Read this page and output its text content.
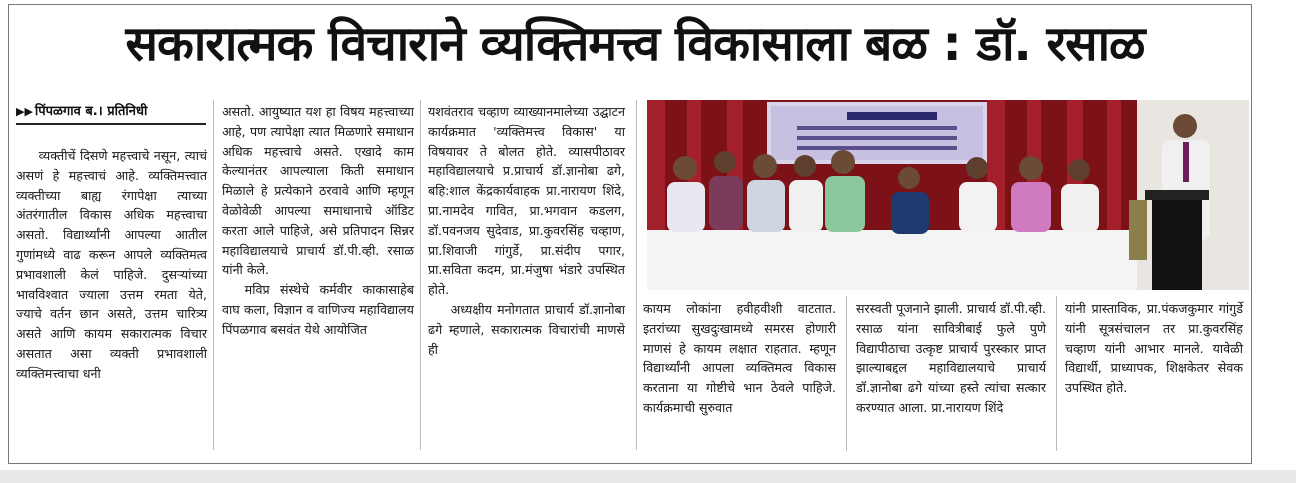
सकारात्मक विचाराने व्यक्तिमत्त्व विकासाला बळ : डॉ. रसाळ
▶▶ पिंपळगाव ब.। प्रतिनिधी

व्यक्तीचें दिसणे महत्त्वाचे नसून, त्याचं असणं हे महत्त्वाचं आहे. व्यक्तिमत्त्वात व्यक्तीच्या बाह्य रंगापेक्षा त्याच्या अंतरंगातील विकास अधिक महत्त्वाचा असतो. विद्यार्थ्यांनी आपल्या आतील गुणांमध्ये वाढ करून आपले व्यक्तिमत्व प्रभावशाली केलं पाहिजे. दुसऱ्यांच्या भावविश्वात ज्याला उत्तम रमता येते, ज्याचे वर्तन छान असते, उत्तम चारित्र्य असते आणि कायम सकारात्मक विचार असतात असा व्यक्ती प्रभावशाली व्यक्तिमत्त्वाचा धनी

असतो. आयुष्यात यश हा विषय महत्त्वाच्या आहे, पण त्यापेक्षा त्यात मिळणारे समाधान अधिक महत्त्वाचे असते. एखादे काम केल्यानंतर आपल्याला किती समाधान मिळाले हे प्रत्येकाने ठरवावे आणि म्हणून वेळोवेळी आपल्या समाधानाचे ऑडिट करता आले पाहिजे, असे प्रतिपादन सिन्नर महाविद्यालयाचे प्राचार्य डॉ.पी.व्ही. रसाळ यांनी केले.

मविप्र संस्थेचे कर्मवीर काकासाहेब वाघ कला, विज्ञान व वाणिज्य महाविद्यालय पिंपळगाव बसवंत येथे आयोजित

यशवंतराव चव्हाण व्याख्यानमालेच्या उद्घाटन कार्यक्रमात 'व्यक्तिमत्त्व विकास' या विषयावर ते बोलत होते. व्यासपीठावर महाविद्यालयाचे प्र.प्राचार्य डॉ.ज्ञानोबा ढगे, बहि:शाल केंद्रकार्यवाहक प्रा.नारायण शिंदे, प्रा.नामदेव गावित, प्रा.भगवान कडलग, डॉ.पवनजय सुदेवाड, प्रा.कुवरसिंह चव्हाण, प्रा.शिवाजी गांगुर्डे, प्रा.संदीप पगार, प्रा.सविता कदम, प्रा.मंजुषा भंडारे उपस्थित होते.

अध्यक्षीय मनोगतात प्राचार्य डॉ.ज्ञानोबा ढगे म्हणाले, सकारात्मक विचारांची माणसे ही

कायम लोकांना हवीहवीशी वाटतात. इतरांच्या सुखदुःखामध्ये समरस होणारी माणसं हे कायम लक्षात राहतात. म्हणून विद्यार्थ्यांनी आपला व्यक्तिमत्व विकास करताना या गोष्टीचे भान ठेवले पाहिजे. कार्यक्रमाची सुरुवात

सरस्वती पूजनाने झाली. प्राचार्य डॉ.पी.व्ही. रसाळ यांना सावित्रीबाई फुले पुणे विद्यापीठाचा उत्कृष्ट प्राचार्य पुरस्कार प्राप्त झाल्याबद्दल महाविद्यालयाचे प्राचार्य डॉ.ज्ञानोबा ढगे यांच्या हस्ते त्यांचा सत्कार करण्यात आला. प्रा.नारायण शिंदे

यांनी प्रास्ताविक, प्रा.पंकजकुमार गांगुर्डे यांनी सूत्रसंचालन तर प्रा.कुवरसिंह चव्हाण यांनी आभार मानले. यावेळी विद्यार्थी, प्राध्यापक, शिक्षकेतर सेवक उपस्थित होते.
